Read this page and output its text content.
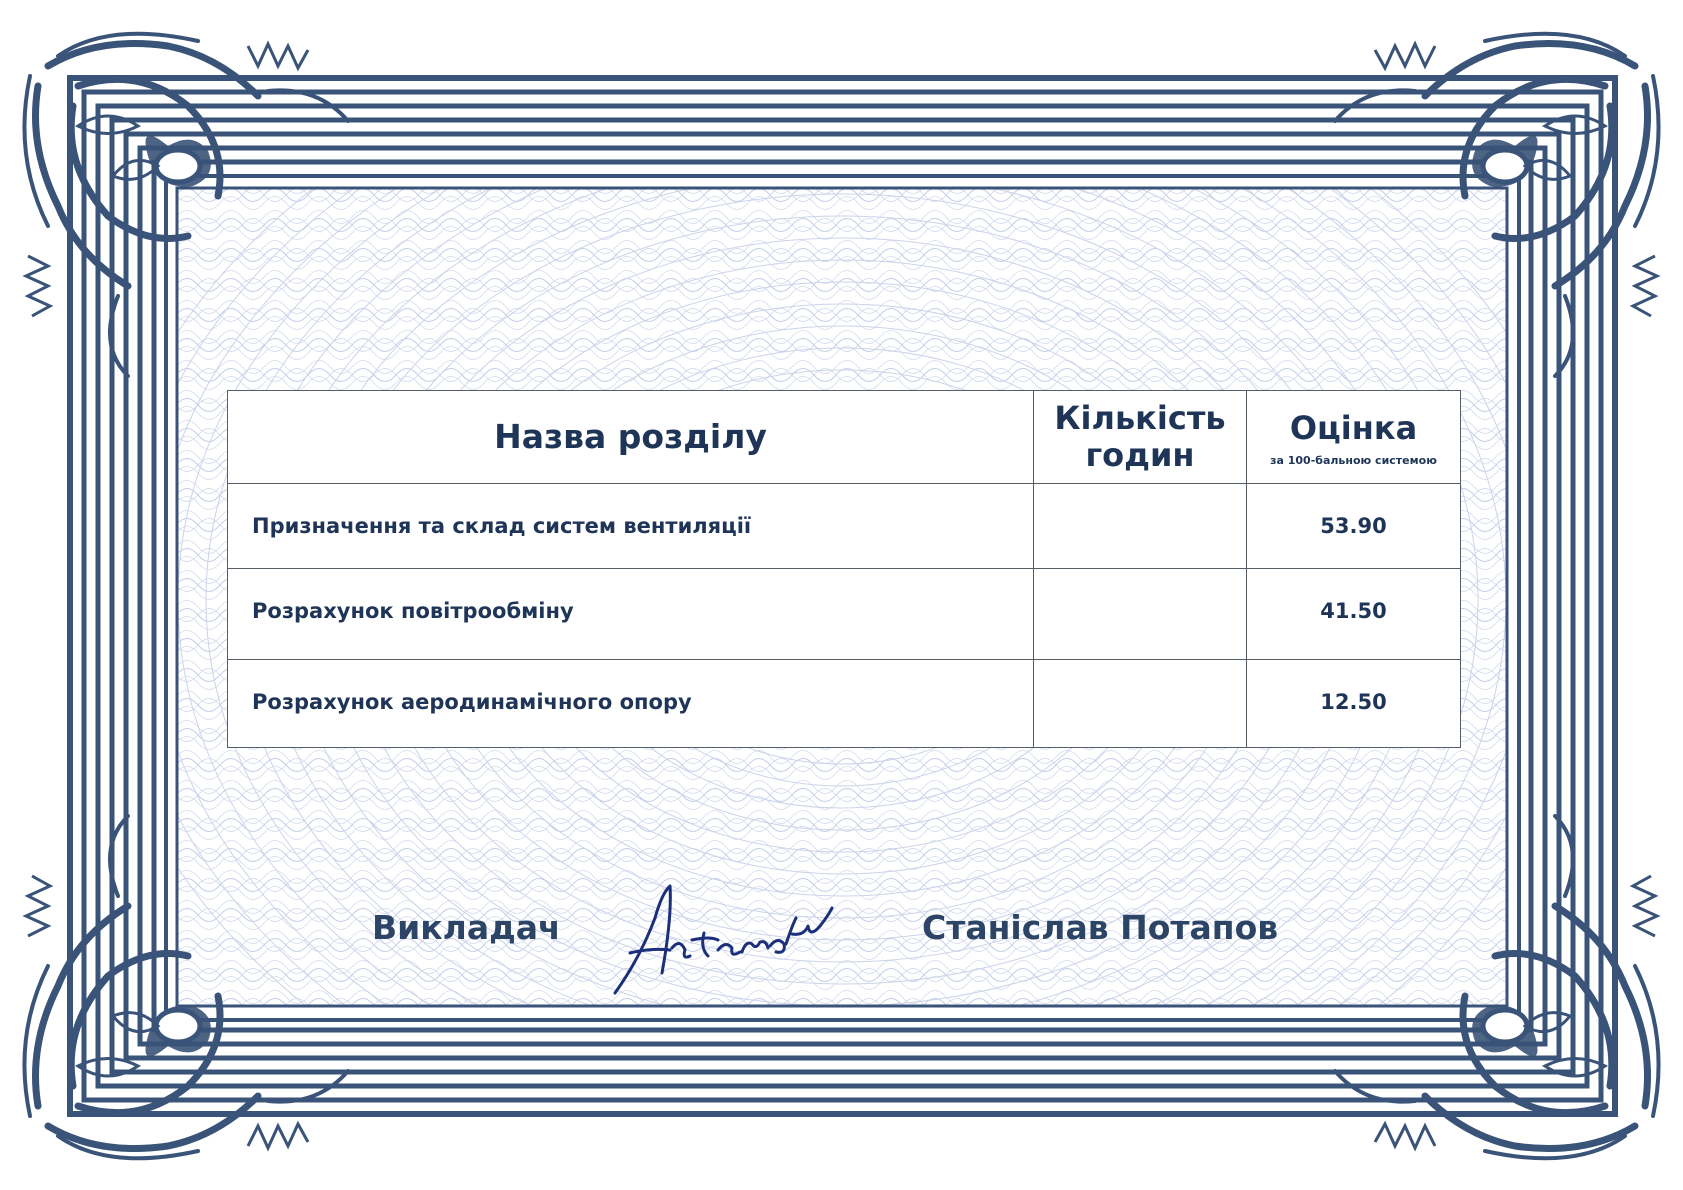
Назва розділу	Кількість годин	Оцінка
за 100-бальною системою

Призначення та склад систем вентиляції		53.90
Розрахунок повітрообміну		41.50
Розрахунок аеродинамічного опору		12.50
Викладач	Станіслав Потапов
